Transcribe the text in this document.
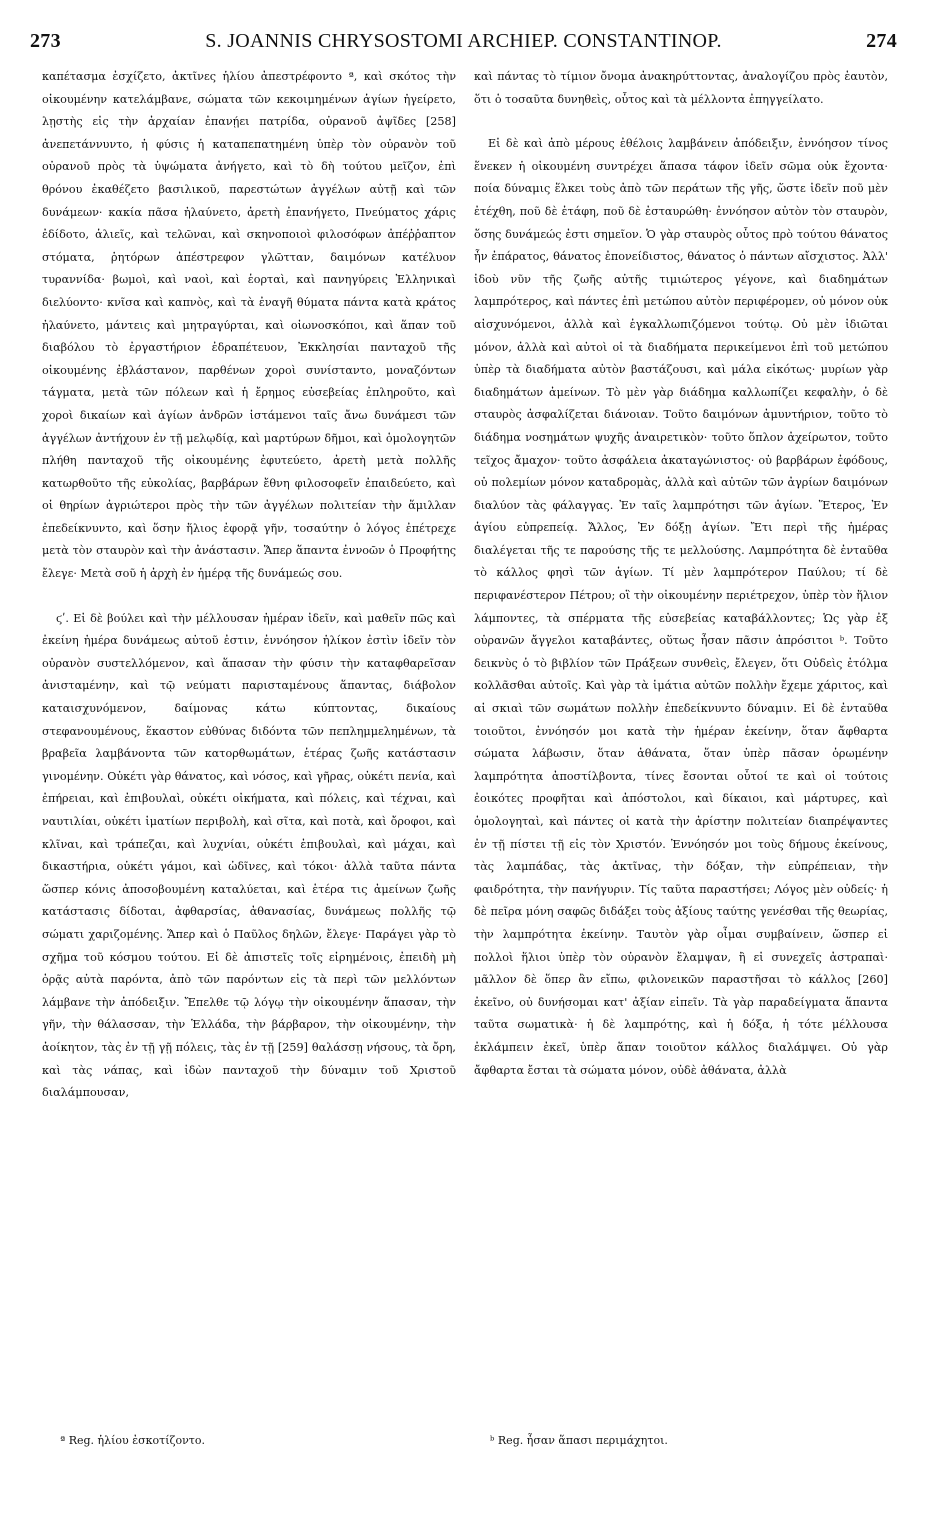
273	S. JOANNIS CHRYSOSTOMI ARCHIEP. CONSTANTINOP.	274

καπέτασμα ἐσχίζετο, ἀκτῖνες ἡλίου ἀπεστρέφοντο ª, καὶ σκότος τὴν οἰκουμένην κατελάμβανε, σώματα τῶν κεκοιμημένων ἁγίων ἠγείρετο, λῃστὴς εἰς τὴν ἀρχαίαν ἐπανῄει πατρίδα, οὐρανοῦ ἀψῖδες [258] ἀνεπετάννυντο, ἡ φύσις ἡ καταπεπατημένη ὑπὲρ τὸν οὐρανὸν τοῦ οὐρανοῦ πρὸς τὰ ὑψώματα ἀνήγετο, καὶ τὸ δὴ τούτου μεῖζον, ἐπὶ θρόνου ἐκαθέζετο βασιλικοῦ, παρεστώτων ἀγγέλων αὐτῇ καὶ τῶν δυνάμεων· κακία πᾶσα ἠλαύνετο, ἀρετὴ ἐπανήγετο, Πνεύματος χάρις ἐδίδοτο, ἁλιεῖς, καὶ τελῶναι, καὶ σκηνοποιοὶ φιλοσόφων ἀπέῤῥαπτον στόματα, ῥητόρων ἀπέστρεφον γλῶτταν, δαιμόνων κατέλυον τυραννίδα· βωμοὶ, καὶ ναοὶ, καὶ ἑορταὶ, καὶ πανηγύρεις Ἑλληνικαὶ διελύοντο· κνῖσα καὶ καπνὸς, καὶ τὰ ἐναγῆ θύματα πάντα κατὰ κράτος ἠλαύνετο, μάντεις καὶ μητραγύρται, καὶ οἰωνοσκόποι, καὶ ἅπαν τοῦ διαβόλου τὸ ἐργαστήριον ἐδραπέτευον, Ἐκκλησίαι πανταχοῦ τῆς οἰκουμένης ἐβλάστανον, παρθένων χοροὶ συνίσταντο, μοναζόντων τάγματα, μετὰ τῶν πόλεων καὶ ἡ ἔρημος εὐσεβείας ἐπληροῦτο, καὶ χοροὶ δικαίων καὶ ἁγίων ἀνδρῶν ἱστάμενοι ταῖς ἄνω δυνάμεσι τῶν ἀγγέλων ἀντήχουν ἐν τῇ μελῳδίᾳ, καὶ μαρτύρων δῆμοι, καὶ ὁμολογητῶν πλήθη πανταχοῦ τῆς οἰκουμένης ἐφυτεύετο, ἀρετὴ μετὰ πολλῆς κατωρθοῦτο τῆς εὐκολίας, βαρβάρων ἔθνη φιλοσοφεῖν ἐπαιδεύετο, καὶ οἱ θηρίων ἀγριώτεροι πρὸς τὴν τῶν ἀγγέλων πολιτείαν τὴν ἅμιλλαν ἐπεδείκνυντο, καὶ ὅσην ἥλιος ἐφορᾷ γῆν, τοσαύτην ὁ λόγος ἐπέτρεχε μετὰ τὸν σταυρὸν καὶ τὴν ἀνάστασιν. Ἅπερ ἅπαντα ἐννοῶν ὁ Προφήτης ἔλεγε· Μετὰ σοῦ ἡ ἀρχὴ ἐν ἡμέρᾳ τῆς δυνάμεώς σου.

ϛʹ. Εἰ δὲ βούλει καὶ τὴν μέλλουσαν ἡμέραν ἰδεῖν, καὶ μαθεῖν πῶς καὶ ἐκείνη ἡμέρα δυνάμεως αὐτοῦ ἐστιν, ἐννόησον ἡλίκον ἐστὶν ἰδεῖν τὸν οὐρανὸν συστελλόμενον, καὶ ἅπασαν τὴν φύσιν τὴν καταφθαρεῖσαν ἀνισταμένην, καὶ τῷ νεύματι παρισταμένους ἅπαντας, διάβολον καταισχυνόμενον, δαίμονας κάτω κύπτοντας, δικαίους στεφανουμένους, ἕκαστον εὐθύνας διδόντα τῶν πεπλημμελημένων, τὰ βραβεῖα λαμβάνοντα τῶν κατορθωμάτων, ἑτέρας ζωῆς κατάστασιν γινομένην. Οὐκέτι γὰρ θάνατος, καὶ νόσος, καὶ γῆρας, οὐκέτι πενία, καὶ ἐπήρειαι, καὶ ἐπιβουλαὶ, οὐκέτι οἰκήματα, καὶ πόλεις, καὶ τέχναι, καὶ ναυτιλίαι, οὐκέτι ἱματίων περιβολὴ, καὶ σῖτα, καὶ ποτὰ, καὶ ὄροφοι, καὶ κλῖναι, καὶ τράπεζαι, καὶ λυχνίαι, οὐκέτι ἐπιβουλαὶ, καὶ μάχαι, καὶ δικαστήρια, οὐκέτι γάμοι, καὶ ὠδῖνες, καὶ τόκοι· ἀλλὰ ταῦτα πάντα ὥσπερ κόνις ἀποσοβουμένη καταλύεται, καὶ ἑτέρα τις ἀμείνων ζωῆς κατάστασις δίδοται, ἀφθαρσίας, ἀθανασίας, δυνάμεως πολλῆς τῷ σώματι χαριζομένης. Ἅπερ καὶ ὁ Παῦλος δηλῶν, ἔλεγε· Παράγει γὰρ τὸ σχῆμα τοῦ κόσμου τούτου. Εἰ δὲ ἀπιστεῖς τοῖς εἰρημένοις, ἐπειδὴ μὴ ὁρᾷς αὐτὰ παρόντα, ἀπὸ τῶν παρόντων εἰς τὰ περὶ τῶν μελλόντων λάμβανε τὴν ἀπόδειξιν. Ἔπελθε τῷ λόγῳ τὴν οἰκουμένην ἅπασαν, τὴν γῆν, τὴν θάλασσαν, τὴν Ἑλλάδα, τὴν βάρβαρον, τὴν οἰκουμένην, τὴν ἀοίκητον, τὰς ἐν τῇ γῇ πόλεις, τὰς ἐν τῇ [259] θαλάσσῃ νήσους, τὰ ὄρη, καὶ τὰς νάπας, καὶ ἰδὼν πανταχοῦ τὴν δύναμιν τοῦ Χριστοῦ διαλάμπουσαν,

καὶ πάντας τὸ τίμιον ὄνομα ἀνακηρύττοντας, ἀναλογίζου πρὸς ἑαυτὸν, ὅτι ὁ τοσαῦτα δυνηθεὶς, οὗτος καὶ τὰ μέλλοντα ἐπηγγείλατο.

Εἰ δὲ καὶ ἀπὸ μέρους ἐθέλοις λαμβάνειν ἀπόδειξιν, ἐννόησον τίνος ἕνεκεν ἡ οἰκουμένη συντρέχει ἅπασα τάφον ἰδεῖν σῶμα οὐκ ἔχοντα· ποία δύναμις ἕλκει τοὺς ἀπὸ τῶν περάτων τῆς γῆς, ὥστε ἰδεῖν ποῦ μὲν ἐτέχθη, ποῦ δὲ ἐτάφη, ποῦ δὲ ἐσταυρώθη· ἐννόησον αὐτὸν τὸν σταυρὸν, ὅσης δυνάμεώς ἐστι σημεῖον. Ὁ γὰρ σταυρὸς οὗτος πρὸ τούτου θάνατος ἦν ἐπάρατος, θάνατος ἐπονείδιστος, θάνατος ὁ πάντων αἴσχιστος. Ἀλλ' ἰδοὺ νῦν τῆς ζωῆς αὐτῆς τιμιώτερος γέγονε, καὶ διαδημάτων λαμπρότερος, καὶ πάντες ἐπὶ μετώπου αὐτὸν περιφέρομεν, οὐ μόνον οὐκ αἰσχυνόμενοι, ἀλλὰ καὶ ἐγκαλλωπιζόμενοι τούτῳ. Οὐ μὲν ἰδιῶται μόνον, ἀλλὰ καὶ αὐτοὶ οἱ τὰ διαδήματα περικείμενοι ἐπὶ τοῦ μετώπου ὑπὲρ τὰ διαδήματα αὐτὸν βαστάζουσι, καὶ μάλα εἰκότως· μυρίων γὰρ διαδημάτων ἀμείνων. Τὸ μὲν γὰρ διάδημα καλλωπίζει κεφαλὴν, ὁ δὲ σταυρὸς ἀσφαλίζεται διάνοιαν. Τοῦτο δαιμόνων ἀμυντήριον, τοῦτο τὸ διάδημα νοσημάτων ψυχῆς ἀναιρετικὸν· τοῦτο ὅπλον ἀχείρωτον, τοῦτο τεῖχος ἄμαχον· τοῦτο ἀσφάλεια ἀκαταγώνιστος· οὐ βαρβάρων ἐφόδους, οὐ πολεμίων μόνον καταδρομὰς, ἀλλὰ καὶ αὐτῶν τῶν ἀγρίων δαιμόνων διαλύον τὰς φάλαγγας. Ἐν ταῖς λαμπρότησι τῶν ἁγίων. Ἕτερος, Ἐν ἁγίου εὐπρεπείᾳ. Ἄλλος, Ἐν δόξῃ ἁγίων. Ἔτι περὶ τῆς ἡμέρας διαλέγεται τῆς τε παρούσης τῆς τε μελλούσης. Λαμπρότητα δὲ ἐνταῦθα τὸ κάλλος φησὶ τῶν ἁγίων. Τί μὲν λαμπρότερον Παύλου; τί δὲ περιφανέστερον Πέτρου; οἳ τὴν οἰκουμένην περιέτρεχον, ὑπὲρ τὸν ἥλιον λάμποντες, τὰ σπέρματα τῆς εὐσεβείας καταβάλλοντες; Ὡς γὰρ ἐξ οὐρανῶν ἄγγελοι καταβάντες, οὕτως ἦσαν πᾶσιν ἀπρόσιτοι ᵇ. Τοῦτο δεικνὺς ὁ τὸ βιβλίον τῶν Πράξεων συνθεὶς, ἔλεγεν, ὅτι Οὐδεὶς ἐτόλμα κολλᾶσθαι αὐτοῖς. Καὶ γὰρ τὰ ἱμάτια αὐτῶν πολλὴν ἔχεμε χάριτος, καὶ αἱ σκιαὶ τῶν σωμάτων πολλὴν ἐπεδείκνυντο δύναμιν. Εἰ δὲ ἐνταῦθα τοιοῦτοι, ἐννόησόν μοι κατὰ τὴν ἡμέραν ἐκείνην, ὅταν ἄφθαρτα σώματα λάβωσιν, ὅταν ἀθάνατα, ὅταν ὑπὲρ πᾶσαν ὁρωμένην λαμπρότητα ἀποστίλβοντα, τίνες ἔσονται οὗτοί τε καὶ οἱ τούτοις ἐοικότες προφῆται καὶ ἀπόστολοι, καὶ δίκαιοι, καὶ μάρτυρες, καὶ ὁμολογηταὶ, καὶ πάντες οἱ κατὰ τὴν ἀρίστην πολιτείαν διαπρέψαντες ἐν τῇ πίστει τῇ εἰς τὸν Χριστόν. Ἐννόησόν μοι τοὺς δήμους ἐκείνους, τὰς λαμπάδας, τὰς ἀκτῖνας, τὴν δόξαν, τὴν εὐπρέπειαν, τὴν φαιδρότητα, τὴν πανήγυριν. Τίς ταῦτα παραστήσει; Λόγος μὲν οὐδείς· ἡ δὲ πεῖρα μόνη σαφῶς διδάξει τοὺς ἀξίους ταύτης γενέσθαι τῆς θεωρίας, τὴν λαμπρότητα ἐκείνην. Ταυτὸν γὰρ οἶμαι συμβαίνειν, ὥσπερ εἰ πολλοὶ ἥλιοι ὑπὲρ τὸν οὐρανὸν ἔλαμψαν, ἢ εἰ συνεχεῖς ἀστραπαὶ· μᾶλλον δὲ ὅπερ ἂν εἴπω, φιλονεικῶν παραστῆσαι τὸ κάλλος [260] ἐκεῖνο, οὐ δυνήσομαι κατ' ἀξίαν εἰπεῖν. Τὰ γὰρ παραδείγματα ἅπαντα ταῦτα σωματικὰ· ἡ δὲ λαμπρότης, καὶ ἡ δόξα, ἡ τότε μέλλουσα ἐκλάμπειν ἐκεῖ, ὑπὲρ ἅπαν τοιοῦτον κάλλος διαλάμψει. Οὐ γὰρ ἄφθαρτα ἔσται τὰ σώματα μόνον, οὐδὲ ἀθάνατα, ἀλλὰ

ª Reg. ἡλίου ἐσκοτίζοντο.	ᵇ Reg. ἦσαν ἅπασι περιμάχητοι.
